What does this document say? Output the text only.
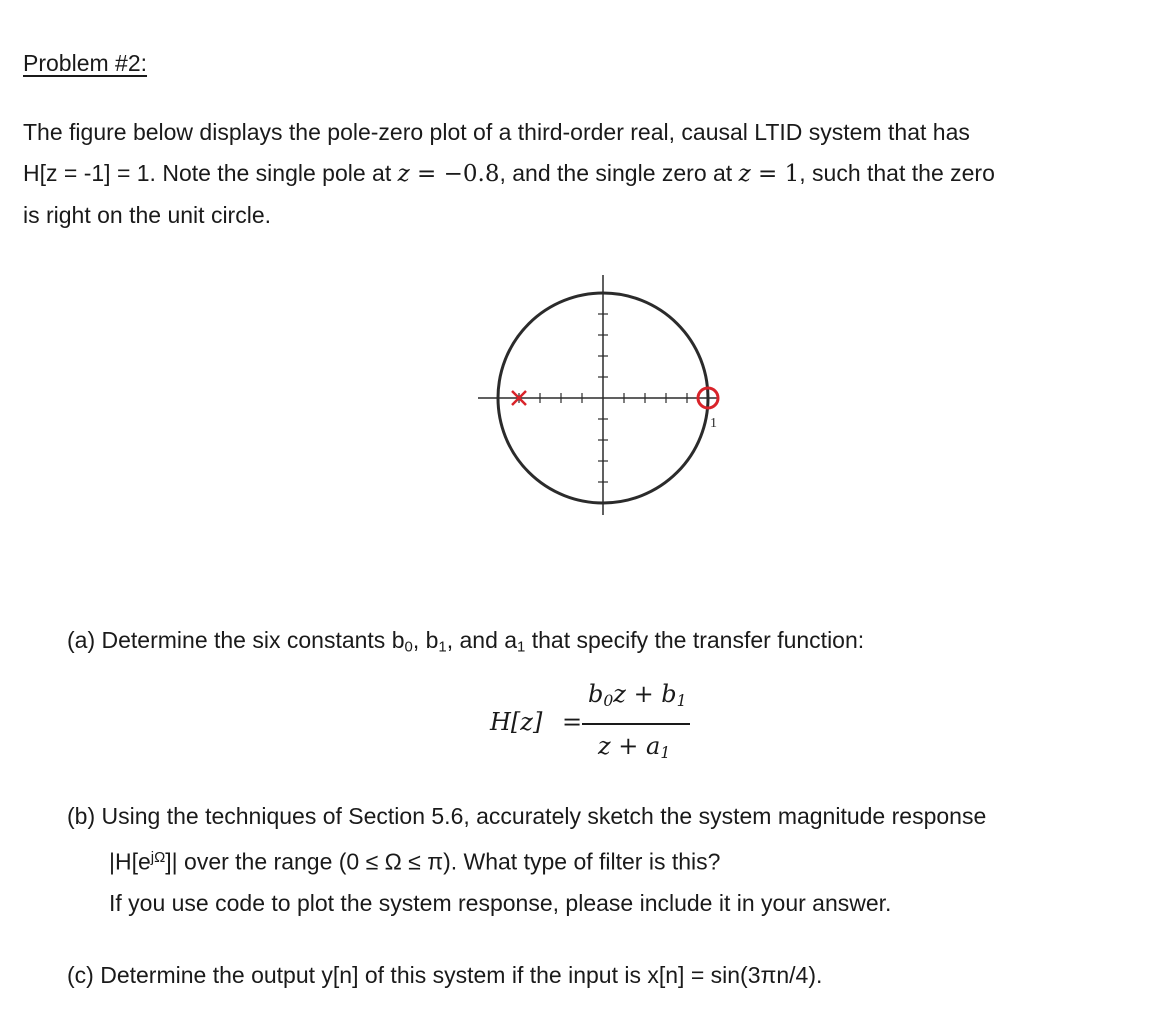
Problem #2:
The figure below displays the pole-zero plot of a third-order real, causal LTID system that has
H[z = -1] = 1. Note the single pole at z = −0.8, and the single zero at z = 1, such that the zero
is right on the unit circle.
1
(a) Determine the six constants $b_0$, $b_1$, and $a_1$ that specify the transfer function:
H[z] =
$b_0z + b_1$
$z + a_1$
(b) Using the techniques of Section 5.6, accurately sketch the system magnitude response
$|H[e^{j\Omega}]|$ over the range (0 ≤ Ω ≤ π). What type of filter is this?
If you use code to plot the system response, please include it in your answer.
(c) Determine the output y[n] of this system if the input is x[n] = sin(3πn/4).
